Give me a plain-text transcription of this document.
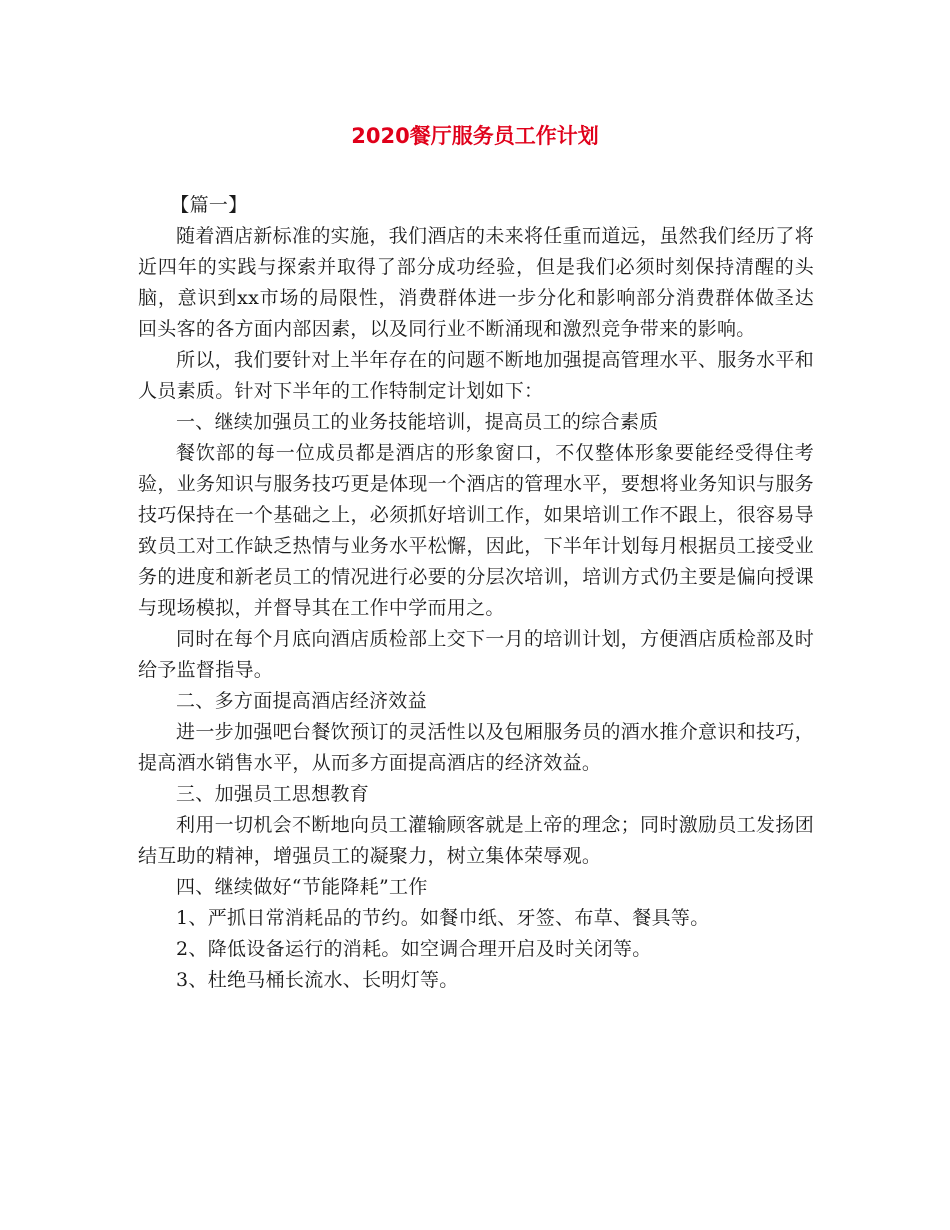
2020餐厅服务员工作计划

【篇一】

随着酒店新标准的实施，我们酒店的未来将任重而道远，虽然我们经历了将近四年的实践与探索并取得了部分成功经验，但是我们必须时刻保持清醒的头脑，意识到xx市场的局限性，消费群体进一步分化和影响部分消费群体做圣达回头客的各方面内部因素，以及同行业不断涌现和激烈竞争带来的影响。

所以，我们要针对上半年存在的问题不断地加强提高管理水平、服务水平和人员素质。针对下半年的工作特制定计划如下：

一、继续加强员工的业务技能培训，提高员工的综合素质

餐饮部的每一位成员都是酒店的形象窗口，不仅整体形象要能经受得住考验，业务知识与服务技巧更是体现一个酒店的管理水平，要想将业务知识与服务技巧保持在一个基础之上，必须抓好培训工作，如果培训工作不跟上，很容易导致员工对工作缺乏热情与业务水平松懈，因此，下半年计划每月根据员工接受业务的进度和新老员工的情况进行必要的分层次培训，培训方式仍主要是偏向授课与现场模拟，并督导其在工作中学而用之。

同时在每个月底向酒店质检部上交下一月的培训计划，方便酒店质检部及时给予监督指导。

二、多方面提高酒店经济效益

进一步加强吧台餐饮预订的灵活性以及包厢服务员的酒水推介意识和技巧，提高酒水销售水平，从而多方面提高酒店的经济效益。

三、加强员工思想教育

利用一切机会不断地向员工灌输顾客就是上帝的理念；同时激励员工发扬团结互助的精神，增强员工的凝聚力，树立集体荣辱观。

四、继续做好“节能降耗”工作

1、严抓日常消耗品的节约。如餐巾纸、牙签、布草、餐具等。

2、降低设备运行的消耗。如空调合理开启及时关闭等。

3、杜绝马桶长流水、长明灯等。
